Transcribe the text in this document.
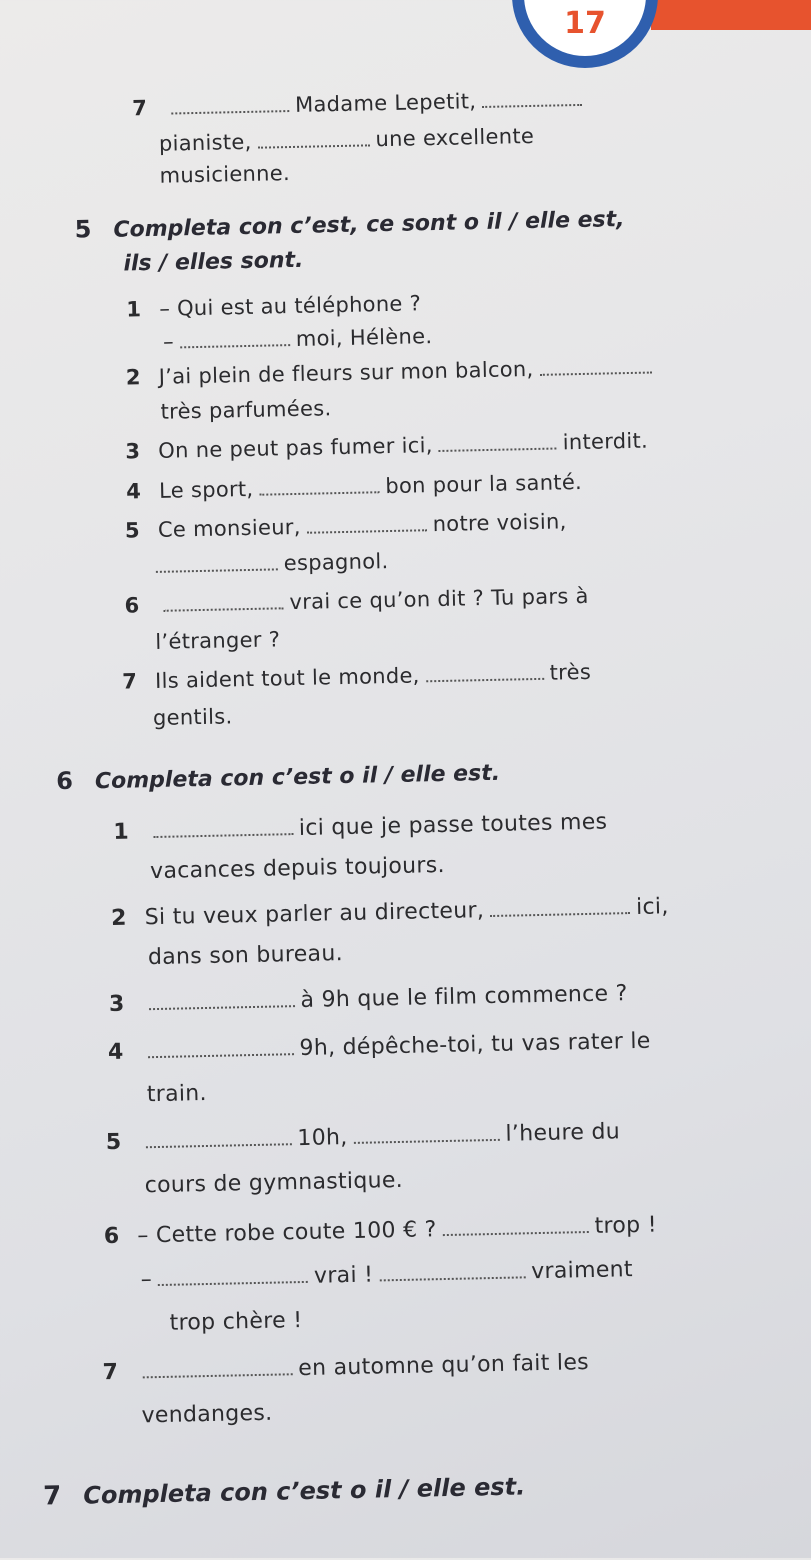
17
7	Madame Lepetit,
pianiste,	une excellente
musicienne.
5 Completa con c’est, ce sont o il / elle est,
ils / elles sont.
1 – Qui est au téléphone ?
–	moi, Hélène.
2 J’ai plein de fleurs sur mon balcon,
très parfumées.
3 On ne peut pas fumer ici,	interdit.
4 Le sport,	bon pour la santé.
5 Ce monsieur,	notre voisin,
espagnol.
6	vrai ce qu’on dit ? Tu pars à
l’étranger ?
7 Ils aident tout le monde,	très
gentils.
6 Completa con c’est o il / elle est.
1	ici que je passe toutes mes
vacances depuis toujours.
2 Si tu veux parler au directeur,	ici,
dans son bureau.
3	à 9h que le film commence ?
4	9h, dépêche-toi, tu vas rater le
train.
5	10h,	l’heure du
cours de gymnastique.
6 – Cette robe coute 100 € ?	trop !
–	vrai !	vraiment
trop chère !
7	en automne qu’on fait les
vendanges.
7 Completa con c’est o il / elle est.
